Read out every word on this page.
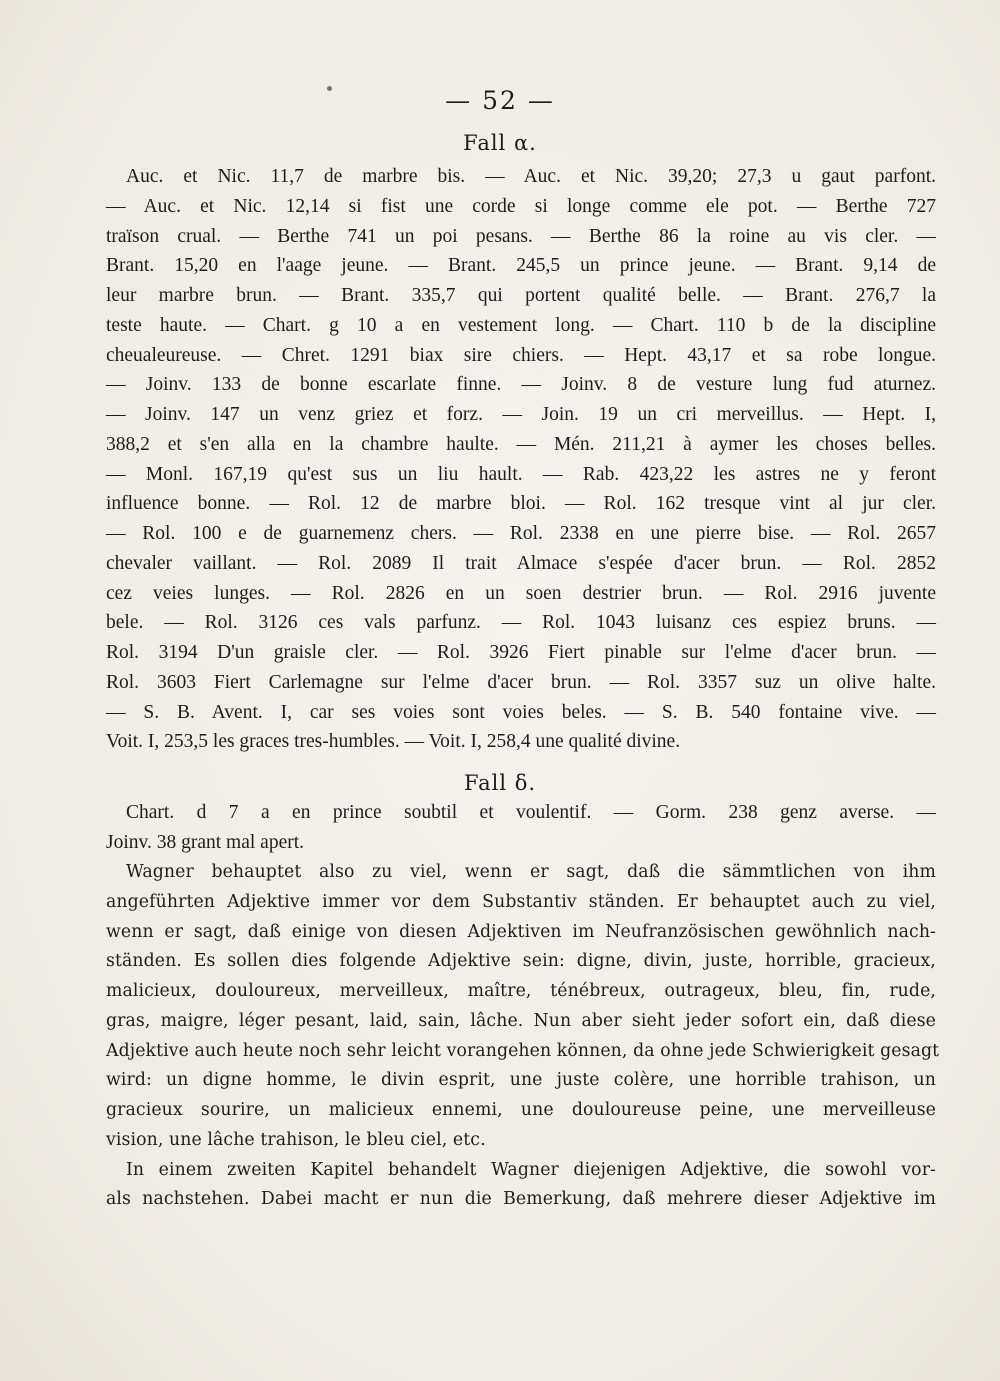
— 52 —
Fall α.
Auc. et Nic. 11,7 de marbre bis. — Auc. et Nic. 39,20; 27,3 u gaut parfont.
— Auc. et Nic. 12,14 si fist une corde si longe comme ele pot. — Berthe 727
traïson crual. — Berthe 741 un poi pesans. — Berthe 86 la roine au vis cler. —
Brant. 15,20 en l'aage jeune. — Brant. 245,5 un prince jeune. — Brant. 9,14 de
leur marbre brun. — Brant. 335,7 qui portent qualité belle. — Brant. 276,7 la
teste haute. — Chart. g 10 a en vestement long. — Chart. 110 b de la discipline
cheualeureuse. — Chret. 1291 biax sire chiers. — Hept. 43,17 et sa robe longue.
— Joinv. 133 de bonne escarlate finne. — Joinv. 8 de vesture lung fud aturnez.
— Joinv. 147 un venz griez et forz. — Join. 19 un cri merveillus. — Hept. I,
388,2 et s'en alla en la chambre haulte. — Mén. 211,21 à aymer les choses belles.
— Monl. 167,19 qu'est sus un liu hault. — Rab. 423,22 les astres ne y feront
influence bonne. — Rol. 12 de marbre bloi. — Rol. 162 tresque vint al jur cler.
— Rol. 100 e de guarnemenz chers. — Rol. 2338 en une pierre bise. — Rol. 2657
chevaler vaillant. — Rol. 2089 Il trait Almace s'espée d'acer brun. — Rol. 2852
cez veies lunges. — Rol. 2826 en un soen destrier brun. — Rol. 2916 juvente
bele. — Rol. 3126 ces vals parfunz. — Rol. 1043 luisanz ces espiez bruns. —
Rol. 3194 D'un graisle cler. — Rol. 3926 Fiert pinable sur l'elme d'acer brun. —
Rol. 3603 Fiert Carlemagne sur l'elme d'acer brun. — Rol. 3357 suz un olive halte.
— S. B. Avent. I, car ses voies sont voies beles. — S. B. 540 fontaine vive. —
Voit. I, 253,5 les graces tres-humbles. — Voit. I, 258,4 une qualité divine.
Fall δ.
Chart. d 7 a en prince soubtil et voulentif. — Gorm. 238 genz averse. —
Joinv. 38 grant mal apert.
Wagner behauptet also zu viel, wenn er sagt, daß die sämmtlichen von ihm
angeführten Adjektive immer vor dem Substantiv ständen. Er behauptet auch zu viel,
wenn er sagt, daß einige von diesen Adjektiven im Neufranzösischen gewöhnlich nach-
ständen. Es sollen dies folgende Adjektive sein: digne, divin, juste, horrible, gracieux,
malicieux, douloureux, merveilleux, maître, ténébreux, outrageux, bleu, fin, rude,
gras, maigre, léger pesant, laid, sain, lâche. Nun aber sieht jeder sofort ein, daß diese
Adjektive auch heute noch sehr leicht vorangehen können, da ohne jede Schwierigkeit gesagt
wird: un digne homme, le divin esprit, une juste colère, une horrible trahison, un
gracieux sourire, un malicieux ennemi, une douloureuse peine, une merveilleuse
vision, une lâche trahison, le bleu ciel, etc.
In einem zweiten Kapitel behandelt Wagner diejenigen Adjektive, die sowohl vor-
als nachstehen. Dabei macht er nun die Bemerkung, daß mehrere dieser Adjektive im
